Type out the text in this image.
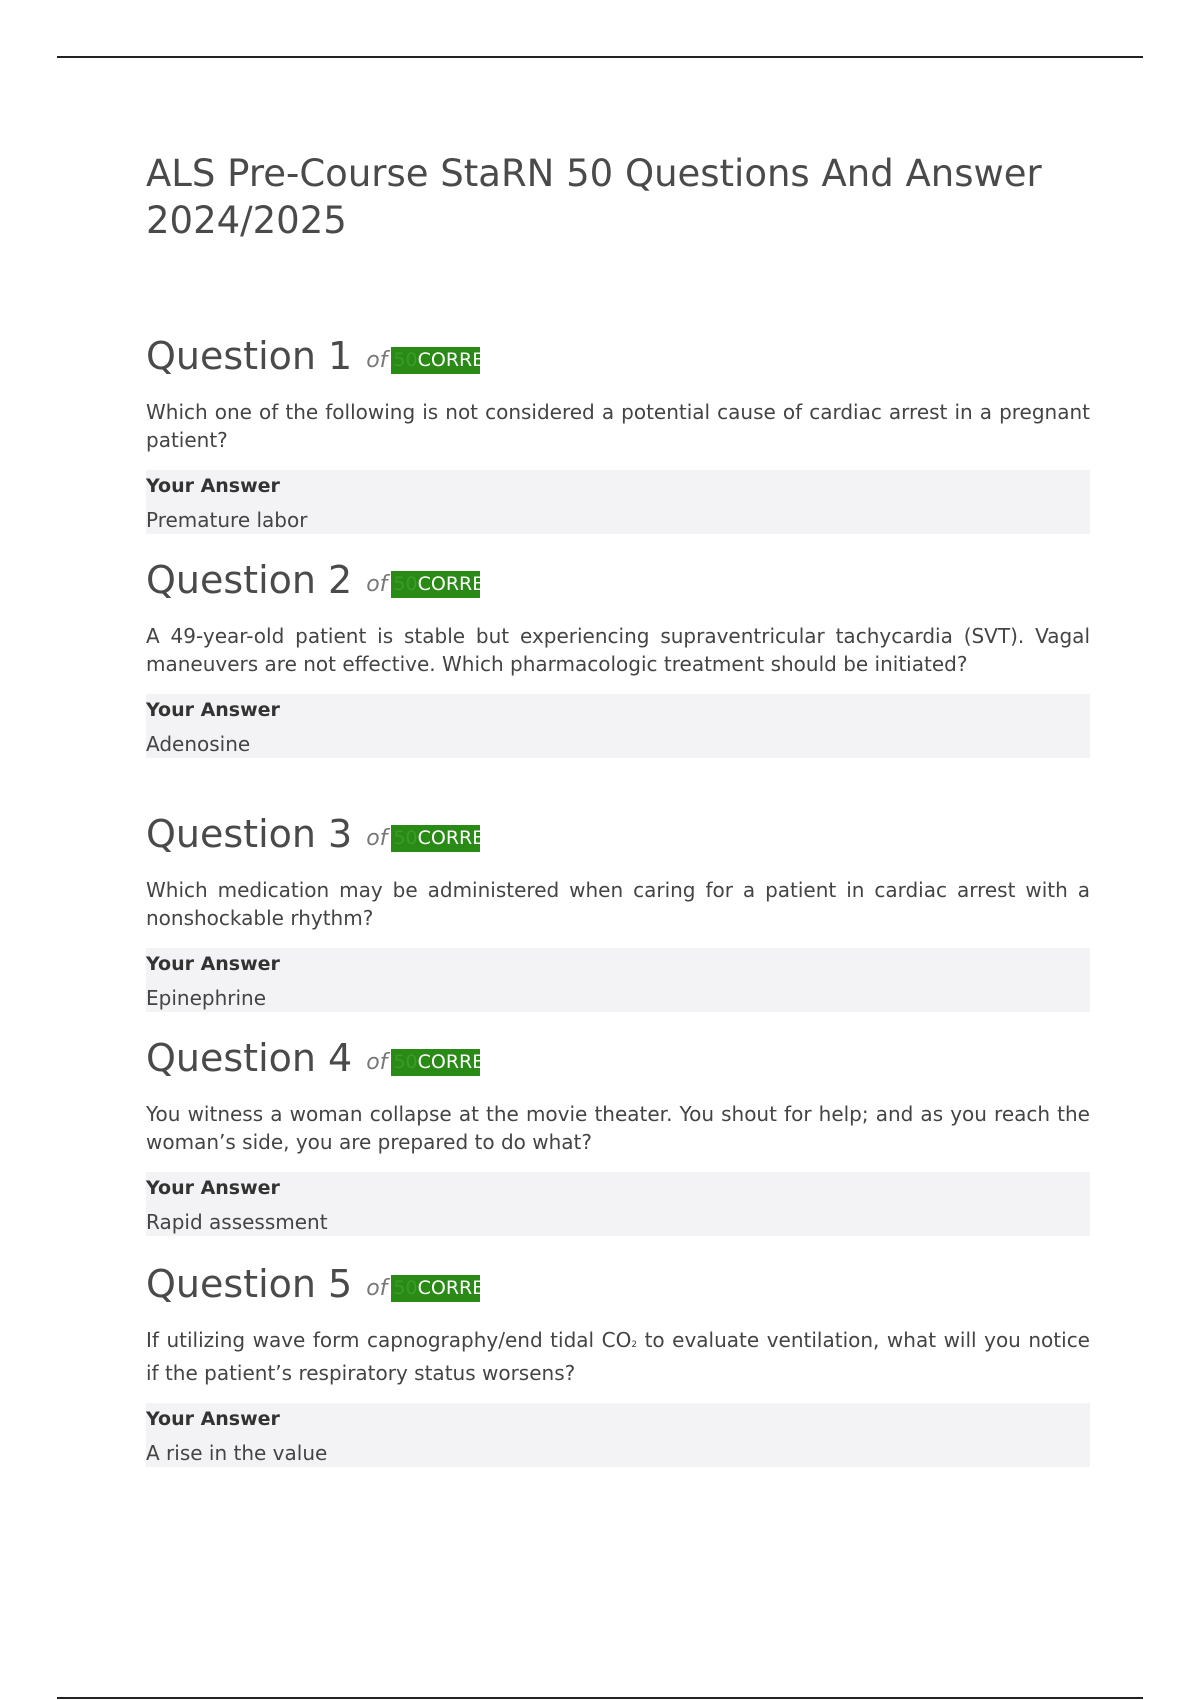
ALS Pre-Course StaRN 50 Questions And Answer 2024/2025
Question 1 of 50CORRECT
Which one of the following is not considered a potential cause of cardiac arrest in a pregnant patient?
Your Answer
Premature labor
Question 2 of 50CORRECT
A 49-year-old patient is stable but experiencing supraventricular tachycardia (SVT). Vagal maneuvers are not effective. Which pharmacologic treatment should be initiated?
Your Answer
Adenosine
Question 3 of 50CORRECT
Which medication may be administered when caring for a patient in cardiac arrest with a nonshockable rhythm?
Your Answer
Epinephrine
Question 4 of 50CORRECT
You witness a woman collapse at the movie theater. You shout for help; and as you reach the woman’s side, you are prepared to do what?
Your Answer
Rapid assessment
Question 5 of 50CORRECT
If utilizing wave form capnography/end tidal CO2 to evaluate ventilation, what will you notice if the patient’s respiratory status worsens?
Your Answer
A rise in the value
